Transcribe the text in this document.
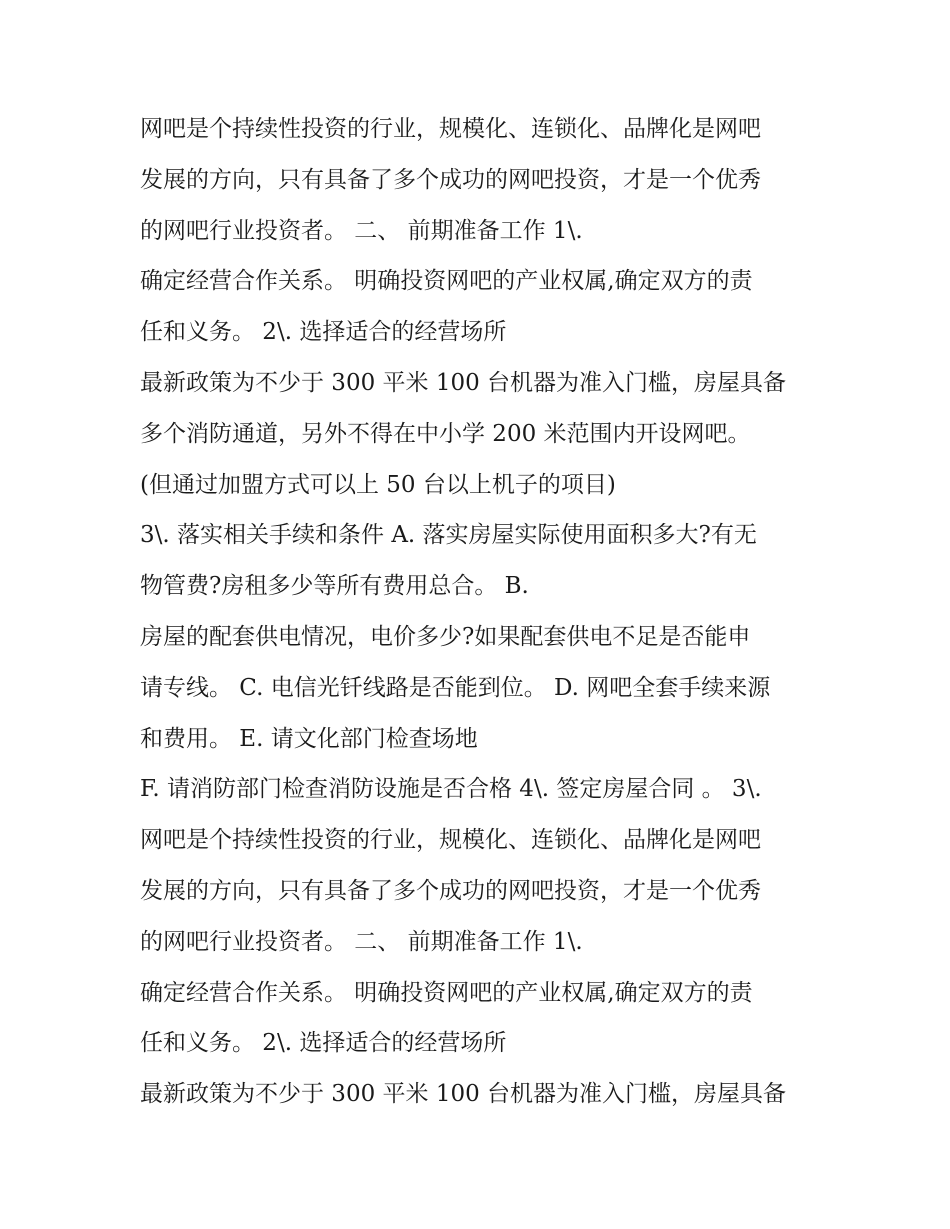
网吧是个持续性投资的行业，规模化、连锁化、品牌化是网吧
发展的方向，只有具备了多个成功的网吧投资，才是一个优秀
的网吧行业投资者。 二、 前期准备工作 1\.
确定经营合作关系。 明确投资网吧的产业权属,确定双方的责
任和义务。 2\. 选择适合的经营场所
最新政策为不少于 300 平米 100 台机器为准入门槛，房屋具备
多个消防通道，另外不得在中小学 200 米范围内开设网吧。
(但通过加盟方式可以上 50 台以上机子的项目)
3\. 落实相关手续和条件 A. 落实房屋实际使用面积多大?有无
物管费?房租多少等所有费用总合。 B.
房屋的配套供电情况，电价多少?如果配套供电不足是否能申
请专线。 C. 电信光钎线路是否能到位。 D. 网吧全套手续来源
和费用。 E. 请文化部门检查场地
F. 请消防部门检查消防设施是否合格 4\. 签定房屋合同 。 3\.
网吧是个持续性投资的行业，规模化、连锁化、品牌化是网吧
发展的方向，只有具备了多个成功的网吧投资，才是一个优秀
的网吧行业投资者。 二、 前期准备工作 1\.
确定经营合作关系。 明确投资网吧的产业权属,确定双方的责
任和义务。 2\. 选择适合的经营场所
最新政策为不少于 300 平米 100 台机器为准入门槛，房屋具备
